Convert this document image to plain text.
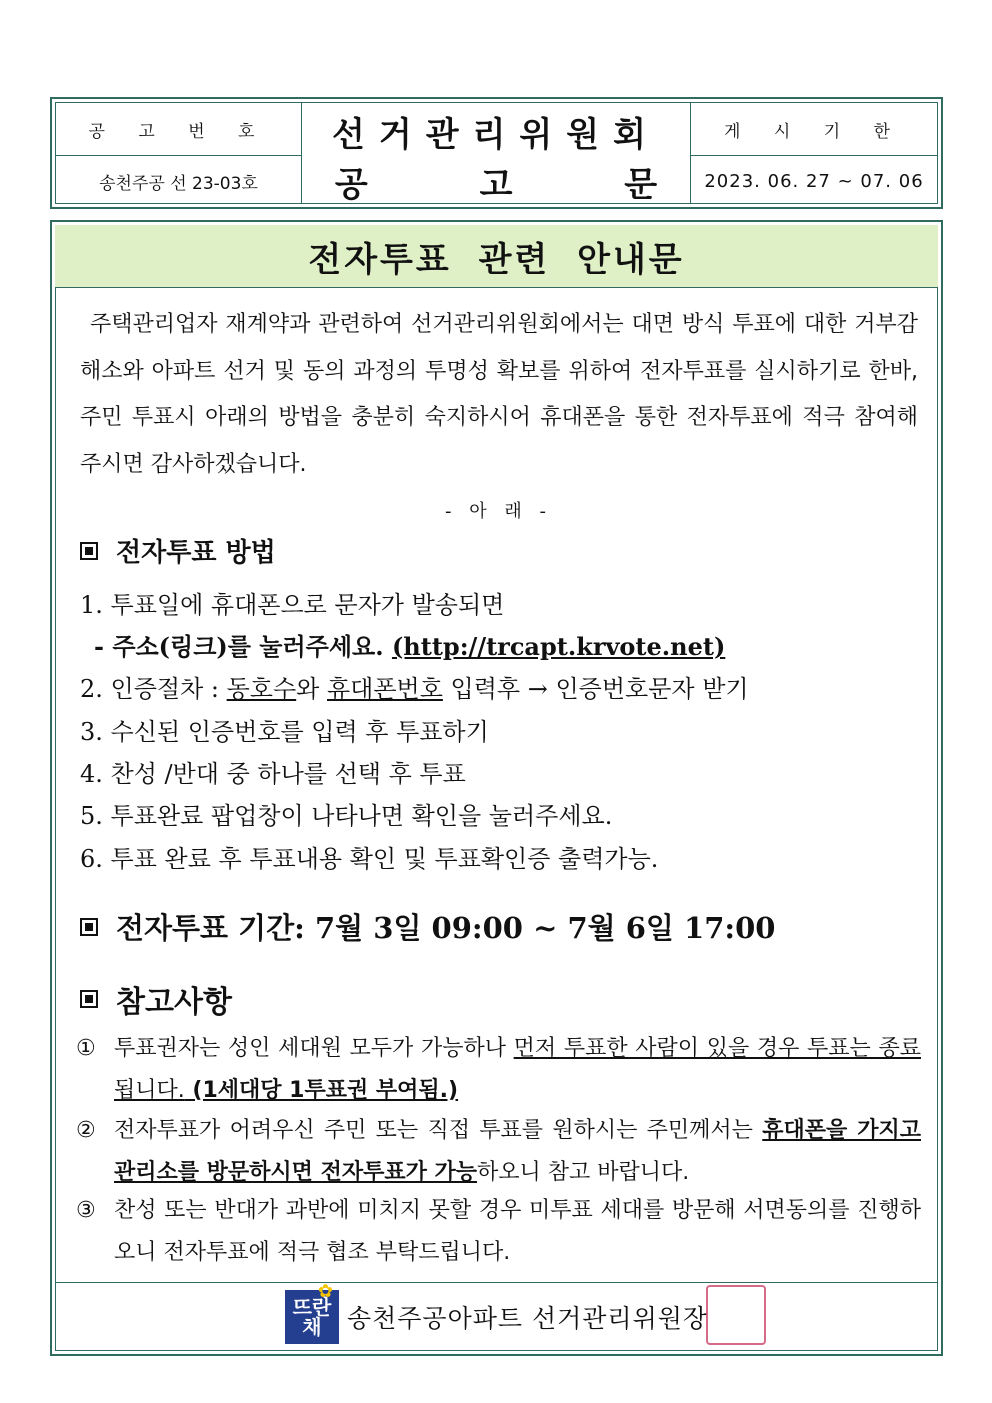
공 고 번 호
송천주공 선 23-03호
선거관리위원회
공 고 문
게 시 기 한
2023. 06. 27 ~ 07. 06
전자투표 관련 안내문
주택관리업자 재계약과 관련하여 선거관리위원회에서는 대면 방식 투표에 대한 거부감 해소와 아파트 선거 및 동의 과정의 투명성 확보를 위하여 전자투표를 실시하기로 한바, 주민 투표시 아래의 방법을 충분히 숙지하시어 휴대폰을 통한 전자투표에 적극 참여해 주시면 감사하겠습니다.
- 아 래 -
전자투표 방법
1. 투표일에 휴대폰으로 문자가 발송되면
- 주소(링크)를 눌러주세요. (http://trcapt.krvote.net)
2. 인증절차 : 동호수와 휴대폰번호 입력후 → 인증번호문자 받기
3. 수신된 인증번호를 입력 후 투표하기
4. 찬성 /반대 중 하나를 선택 후 투표
5. 투표완료 팝업창이 나타나면 확인을 눌러주세요.
6. 투표 완료 후 투표내용 확인 및 투표확인증 출력가능.
전자투표 기간: 7월 3일 09:00 ~ 7월 6일 17:00
참고사항
① 투표권자는 성인 세대원 모두가 가능하나 먼저 투표한 사람이 있을 경우 투표는 종료 됩니다. (1세대당 1투표권 부여됨.)
② 전자투표가 어려우신 주민 또는 직접 투표를 원하시는 주민께서는 휴대폰을 가지고 관리소를 방문하시면 전자투표가 가능하오니 참고 바랍니다.
③ 찬성 또는 반대가 과반에 미치지 못할 경우 미투표 세대를 방문해 서면동의를 진행하오니 전자투표에 적극 협조 부탁드립니다.
✿
뜨란
채 송천주공아파트 선거관리위원장
